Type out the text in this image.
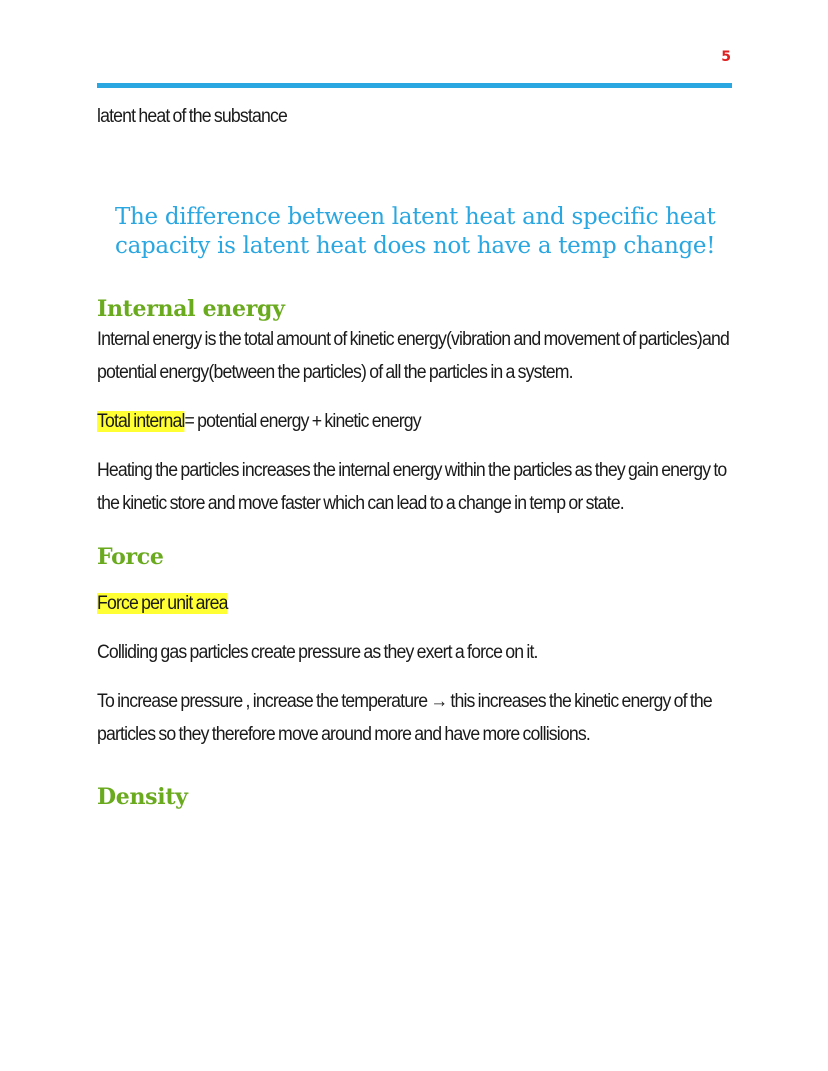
5

latent heat of the substance

The difference between latent heat and specific heat capacity is latent heat does not have a temp change!
Internal energy

Internal energy is the total amount of kinetic energy(vibration and movement of particles)and potential energy(between the particles) of all the particles in a system.

Total internal= potential energy + kinetic energy

Heating the particles increases the internal energy within the particles as they gain energy to the kinetic store and move faster which can lead to a change in temp or state.

Force

Force per unit area

Colliding gas particles create pressure as they exert a force on it.

To increase pressure , increase the temperature → this increases the kinetic energy of the particles so they therefore move around more and have more collisions.

Density
